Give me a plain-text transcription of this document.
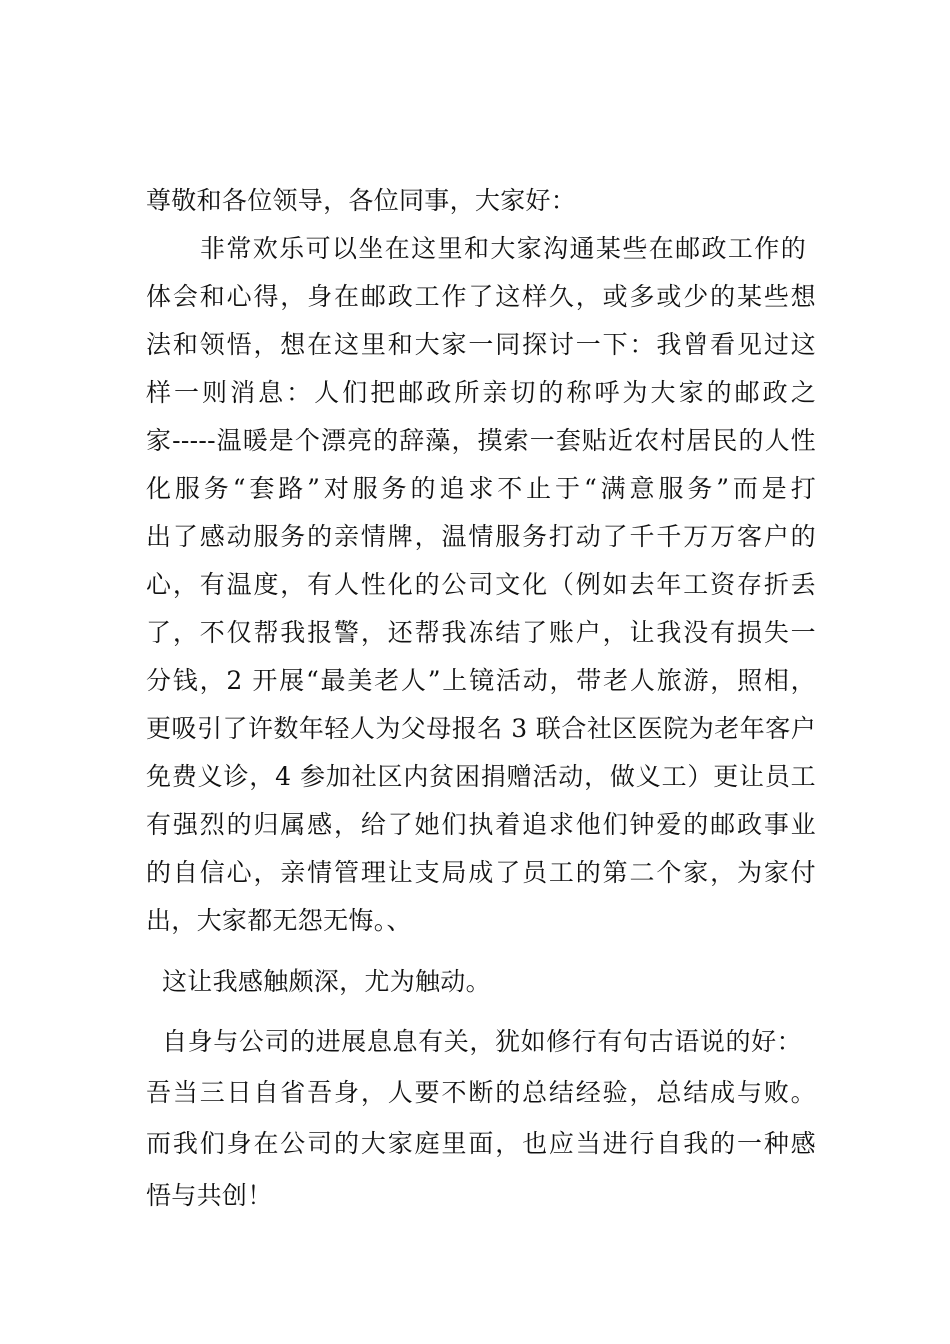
尊敬和各位领导，各位同事，大家好：
非常欢乐可以坐在这里和大家沟通某些在邮政工作的
体会和心得，身在邮政工作了这样久，或多或少的某些想
法和领悟，想在这里和大家一同探讨一下：我曾看见过这
样一则消息：人们把邮政所亲切的称呼为大家的邮政之
家-----温暖是个漂亮的辞藻，摸索一套贴近农村居民的人性
化服务“套路”对服务的追求不止于“满意服务”而是打
出了感动服务的亲情牌，温情服务打动了千千万万客户的
心，有温度，有人性化的公司文化（例如去年工资存折丢
了，不仅帮我报警，还帮我冻结了账户，让我没有损失一
分钱，2 开展“最美老人”上镜活动，带老人旅游，照相，
更吸引了许数年轻人为父母报名 3 联合社区医院为老年客户
免费义诊，4 参加社区内贫困捐赠活动，做义工）更让员工
有强烈的归属感，给了她们执着追求他们钟爱的邮政事业
的自信心，亲情管理让支局成了员工的第二个家，为家付
出，大家都无怨无悔。、
这让我感触颇深，尤为触动。
自身与公司的进展息息有关，犹如修行有句古语说的好：
吾当三日自省吾身，人要不断的总结经验，总结成与败。
而我们身在公司的大家庭里面，也应当进行自我的一种感
悟与共创！
